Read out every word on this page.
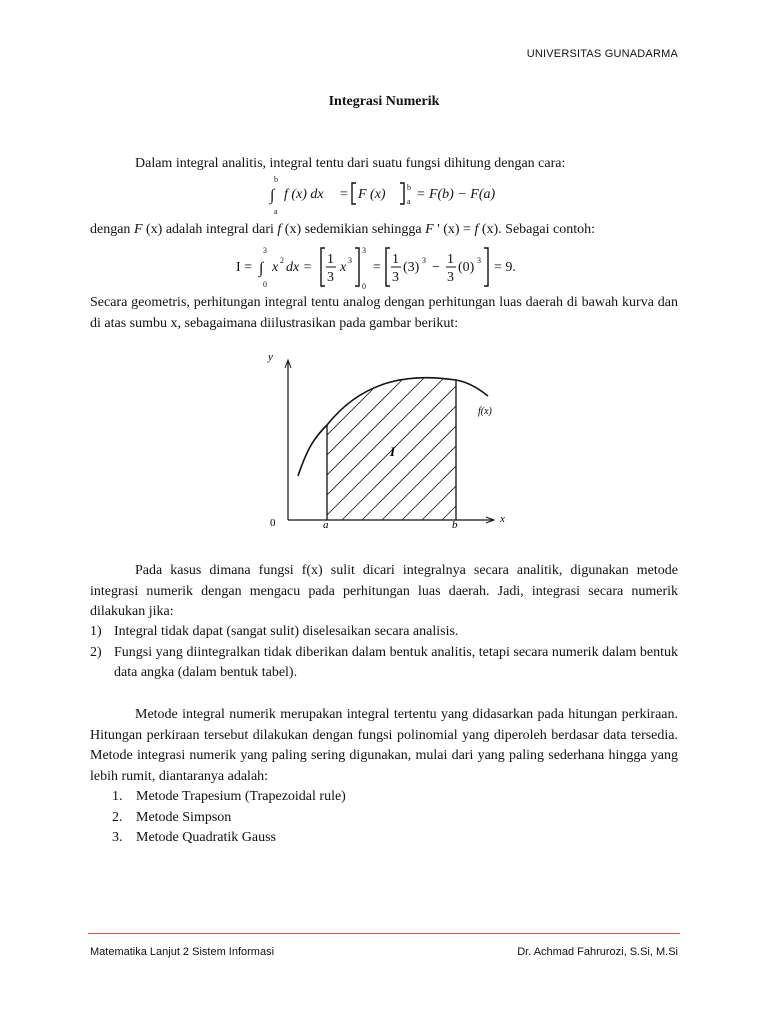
UNIVERSITAS GUNADARMA
Integrasi Numerik
Dalam integral analitis, integral tentu dari suatu fungsi dihitung dengan cara:
b
∫
a
f (x) dx = F (x)	b
a = F(b) − F(a)
dengan F (x) adalah integral dari f (x) sedemikian sehingga F ' (x) = f (x). Sebagai contoh:
I =
3
∫
0
x 2 dx =
1
3
x 3
3
0
=
1
3
(3) 3 −
1
3
(0) 3 = 9.
Secara geometris, perhitungan integral tentu analog dengan perhitungan luas daerah di bawah kurva dan di atas sumbu x, sebagaimana diilustrasikan pada gambar berikut:
y
x
0	a	b
f(x)
I
Pada kasus dimana fungsi f(x) sulit dicari integralnya secara analitik, digunakan metode integrasi numerik dengan mengacu pada perhitungan luas daerah. Jadi, integrasi secara numerik dilakukan jika:
1) Integral tidak dapat (sangat sulit) diselesaikan secara analisis.
2) Fungsi yang diintegralkan tidak diberikan dalam bentuk analitis, tetapi secara numerik dalam bentuk data angka (dalam bentuk tabel).
Metode integral numerik merupakan integral tertentu yang didasarkan pada hitungan perkiraan. Hitungan perkiraan tersebut dilakukan dengan fungsi polinomial yang diperoleh berdasar data tersedia. Metode integrasi numerik yang paling sering digunakan, mulai dari yang paling sederhana hingga yang lebih rumit, diantaranya adalah:
1. Metode Trapesium (Trapezoidal rule)
2. Metode Simpson
3. Metode Quadratik Gauss
Matematika Lanjut 2 Sistem Informasi	Dr. Achmad Fahrurozi, S.Si, M.Si
